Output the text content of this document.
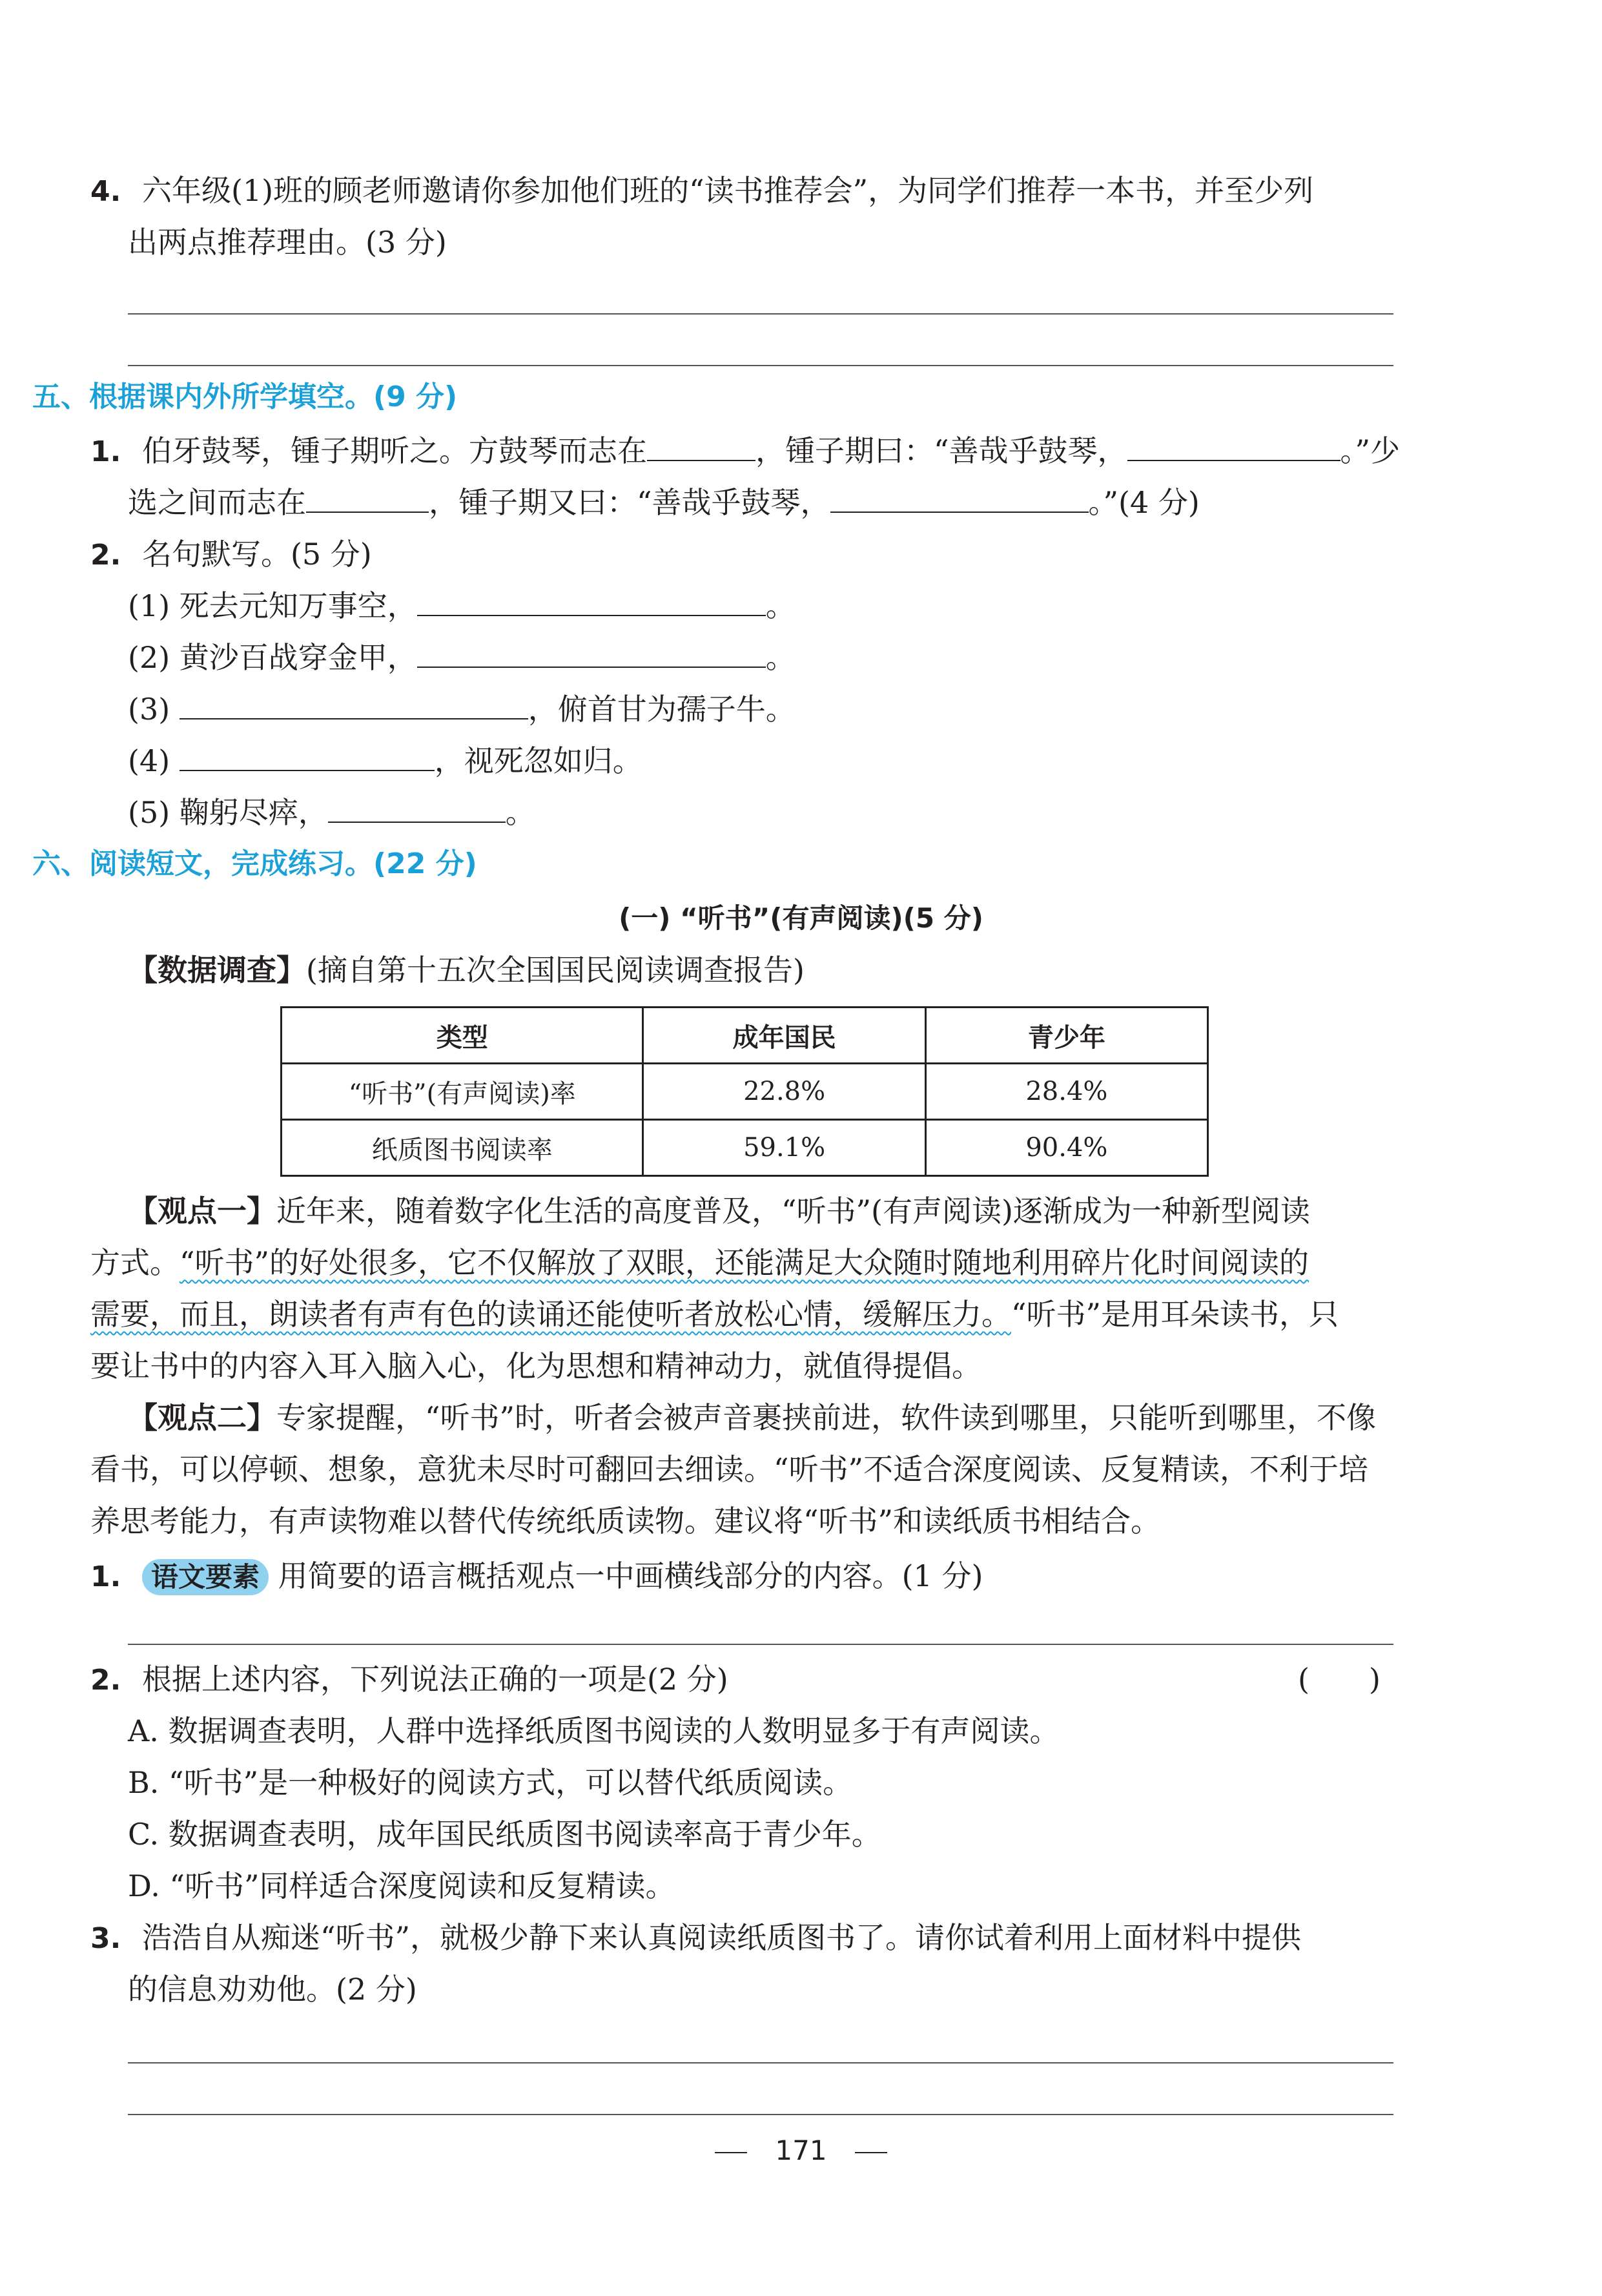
4. 六年级(1)班的顾老师邀请你参加他们班的“读书推荐会”，为同学们推荐一本书，并至少列
出两点推荐理由。(3 分)
五、根据课内外所学填空。(9 分)
1. 伯牙鼓琴，锺子期听之。方鼓琴而志在	，锺子期曰：“善哉乎鼓琴，	。”少
选之间而志在	，锺子期又曰：“善哉乎鼓琴，	。”(4 分)
2. 名句默写。(5 分)
(1) 死去元知万事空，	。
(2) 黄沙百战穿金甲，	。
(3)	，俯首甘为孺子牛。
(4)	，视死忽如归。
(5) 鞠躬尽瘁，	。
六、阅读短文，完成练习。(22 分)
(一) “听书”(有声阅读)(5 分)
【数据调查】(摘自第十五次全国国民阅读调查报告)
类型	成年国民	青少年
“听书”(有声阅读)率	22.8%	28.4%
纸质图书阅读率	59.1%	90.4%
【观点一】近年来，随着数字化生活的高度普及，“听书”(有声阅读)逐渐成为一种新型阅读
方式。“听书”的好处很多，它不仅解放了双眼，还能满足大众随时随地利用碎片化时间阅读的
需要，而且，朗读者有声有色的读诵还能使听者放松心情，缓解压力。“听书”是用耳朵读书，只
要让书中的内容入耳入脑入心，化为思想和精神动力，就值得提倡。
【观点二】专家提醒，“听书”时，听者会被声音裹挟前进，软件读到哪里，只能听到哪里，不像
看书，可以停顿、想象，意犹未尽时可翻回去细读。“听书”不适合深度阅读、反复精读，不利于培
养思考能力，有声读物难以替代传统纸质读物。建议将“听书”和读纸质书相结合。
1. 语文要素 用简要的语言概括观点一中画横线部分的内容。(1 分)
2. 根据上述内容，下列说法正确的一项是(2 分)	(　　)
A. 数据调查表明，人群中选择纸质图书阅读的人数明显多于有声阅读。
B. “听书”是一种极好的阅读方式，可以替代纸质阅读。
C. 数据调查表明，成年国民纸质图书阅读率高于青少年。
D. “听书”同样适合深度阅读和反复精读。
3. 浩浩自从痴迷“听书”，就极少静下来认真阅读纸质图书了。请你试着利用上面材料中提供
的信息劝劝他。(2 分)
171
